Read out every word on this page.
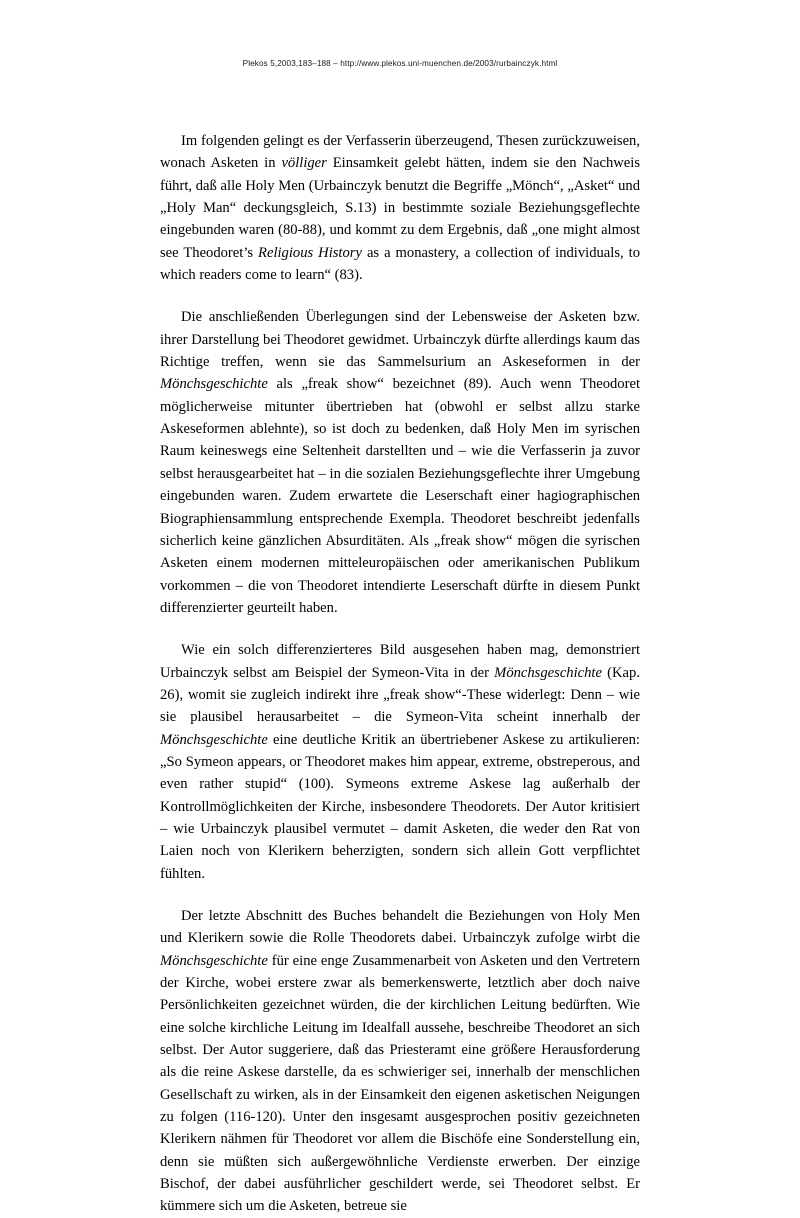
Plekos 5,2003,183–188 – http://www.plekos.uni-muenchen.de/2003/rurbainczyk.html

Im folgenden gelingt es der Verfasserin überzeugend, Thesen zurückzuweisen, wonach Asketen in völliger Einsamkeit gelebt hätten, indem sie den Nachweis führt, daß alle Holy Men (Urbainczyk benutzt die Begriffe „Mönch“, „Asket“ und „Holy Man“ deckungsgleich, S.13) in bestimmte soziale Beziehungsgeflechte eingebunden waren (80-88), und kommt zu dem Ergebnis, daß „one might almost see Theodoret’s Religious History as a monastery, a collection of individuals, to which readers come to learn“ (83).

Die anschließenden Überlegungen sind der Lebensweise der Asketen bzw. ihrer Darstellung bei Theodoret gewidmet. Urbainczyk dürfte allerdings kaum das Richtige treffen, wenn sie das Sammelsurium an Askeseformen in der Mönchsgeschichte als „freak show“ bezeichnet (89). Auch wenn Theodoret möglicherweise mitunter übertrieben hat (obwohl er selbst allzu starke Askeseformen ablehnte), so ist doch zu bedenken, daß Holy Men im syrischen Raum keineswegs eine Seltenheit darstellten und – wie die Verfasserin ja zuvor selbst herausgearbeitet hat – in die sozialen Beziehungsgeflechte ihrer Umgebung eingebunden waren. Zudem erwartete die Leserschaft einer hagiographischen Biographiensammlung entsprechende Exempla. Theodoret beschreibt jedenfalls sicherlich keine gänzlichen Absurditäten. Als „freak show“ mögen die syrischen Asketen einem modernen mitteleuropäischen oder amerikanischen Publikum vorkommen – die von Theodoret intendierte Leserschaft dürfte in diesem Punkt differenzierter geurteilt haben.

Wie ein solch differenzierteres Bild ausgesehen haben mag, demonstriert Urbainczyk selbst am Beispiel der Symeon-Vita in der Mönchsgeschichte (Kap. 26), womit sie zugleich indirekt ihre „freak show“-These widerlegt: Denn – wie sie plausibel herausarbeitet – die Symeon-Vita scheint innerhalb der Mönchsgeschichte eine deutliche Kritik an übertriebener Askese zu artikulieren: „So Symeon appears, or Theodoret makes him appear, extreme, obstreperous, and even rather stupid“ (100). Symeons extreme Askese lag außerhalb der Kontrollmöglichkeiten der Kirche, insbesondere Theodorets. Der Autor kritisiert – wie Urbainczyk plausibel vermutet – damit Asketen, die weder den Rat von Laien noch von Klerikern beherzigten, sondern sich allein Gott verpflichtet fühlten.

Der letzte Abschnitt des Buches behandelt die Beziehungen von Holy Men und Klerikern sowie die Rolle Theodorets dabei. Urbainczyk zufolge wirbt die Mönchsgeschichte für eine enge Zusammenarbeit von Asketen und den Vertretern der Kirche, wobei erstere zwar als bemerkenswerte, letztlich aber doch naive Persönlichkeiten gezeichnet würden, die der kirchlichen Leitung bedürften. Wie eine solche kirchliche Leitung im Idealfall aussehe, beschreibe Theodoret an sich selbst. Der Autor suggeriere, daß das Priesteramt eine größere Herausforderung als die reine Askese darstelle, da es schwieriger sei, innerhalb der menschlichen Gesellschaft zu wirken, als in der Einsamkeit den eigenen asketischen Neigungen zu folgen (116-120). Unter den insgesamt ausgesprochen positiv gezeichneten Klerikern nähmen für Theodoret vor allem die Bischöfe eine Sonderstellung ein, denn sie müßten sich außergewöhnliche Verdienste erwerben. Der einzige Bischof, der dabei ausführlicher geschildert werde, sei Theodoret selbst. Er kümmere sich um die Asketen, betreue sie
